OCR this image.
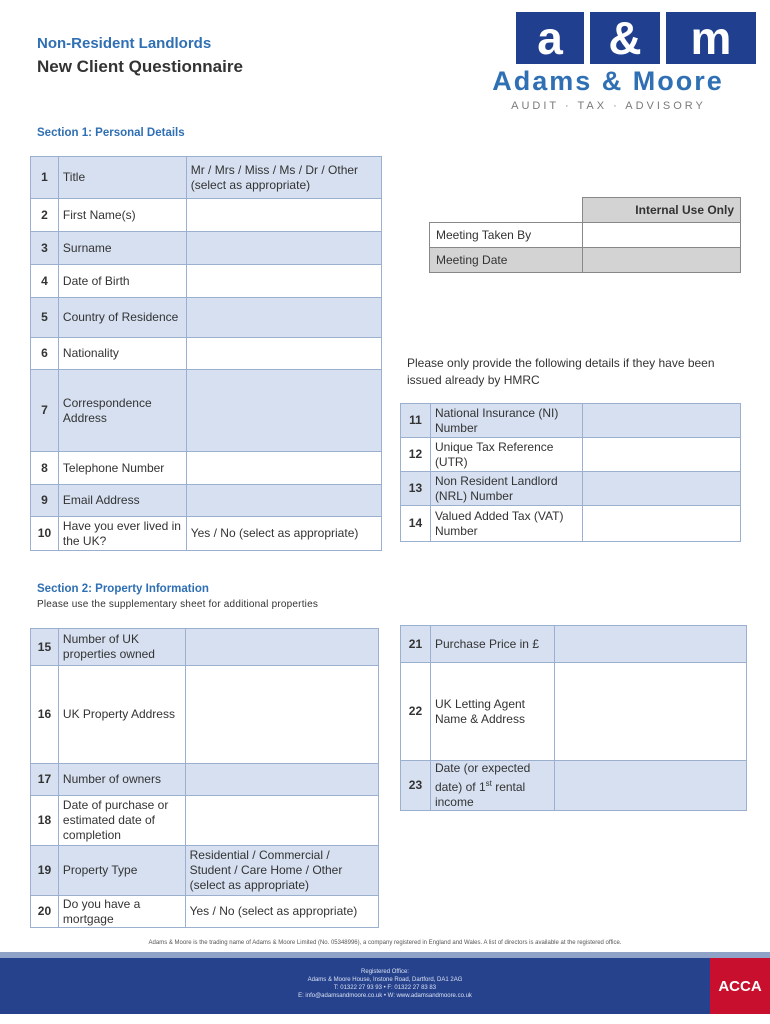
Non-Resident Landlords
New Client Questionnaire
a &	m
Adams & Moore
AUDIT · TAX · ADVISORY
Section 1: Personal Details
1	Title	Mr / Mrs / Miss / Ms / Dr / Other (select as appropriate)
2	First Name(s)	
3	Surname	
4	Date of Birth	
5	Country of Residence	
6	Nationality	
7	Correspondence Address	
8	Telephone Number	
9	Email Address	
10	Have you ever lived in the UK?	Yes / No (select as appropriate)
	Internal Use Only
Meeting Taken By	
Meeting Date	
Please only provide the following details if they have been issued already by HMRC
11	National Insurance (NI) Number	
12	Unique Tax Reference (UTR)	
13	Non Resident Landlord (NRL) Number	
14	Valued Added Tax (VAT) Number	
Section 2: Property Information
Please use the supplementary sheet for additional properties
15	Number of UK properties owned	
16	UK Property Address	
17	Number of owners	
18	Date of purchase or estimated date of completion	
19	Property Type	Residential / Commercial / Student / Care Home / Other (select as appropriate)
20	Do you have a mortgage	Yes / No (select as appropriate)
21	Purchase Price in £	
22	UK Letting Agent Name & Address	
23	Date (or expected date) of 1st rental income	
Adams & Moore is the trading name of Adams & Moore Limited (No. 05348996), a company registered in England and Wales. A list of directors is available at the registered office.
Registered Office:
Adams & Moore House, Instone Road, Dartford, DA1 2AG
T: 01322 27 93 93 • F: 01322 27 83 83
E: info@adamsandmoore.co.uk • W: www.adamsandmoore.co.uk
ACCA
